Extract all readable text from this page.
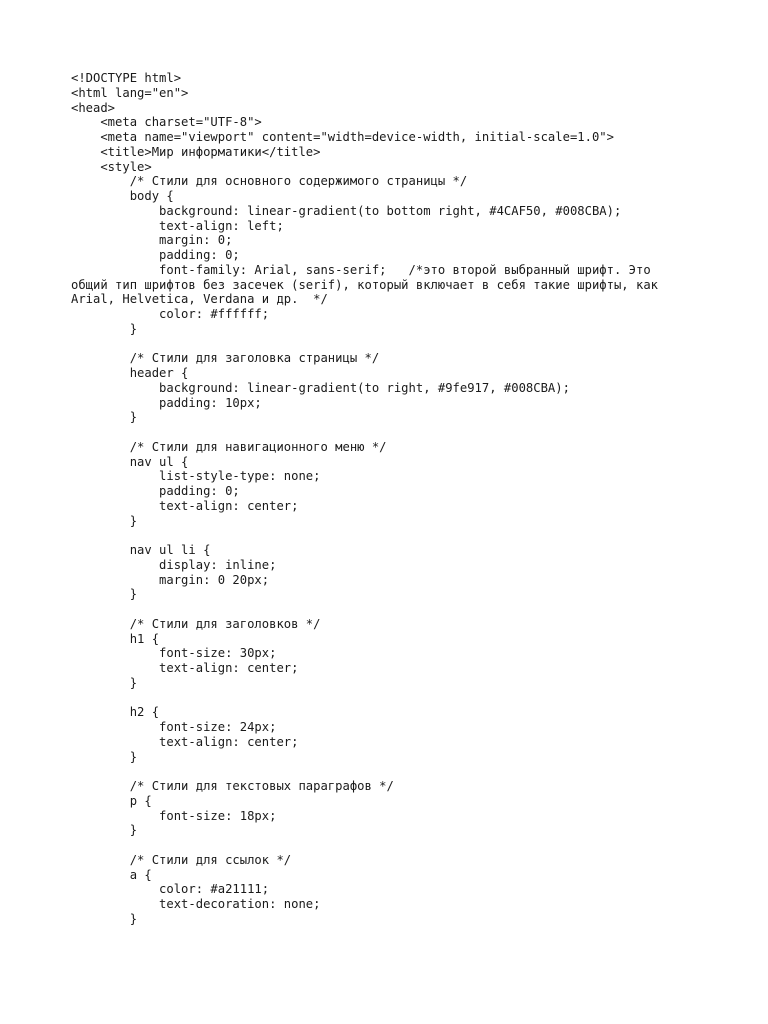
<!DOCTYPE html>
<html lang="en">
<head>
<meta charset="UTF-8">
<meta name="viewport" content="width=device-width, initial-scale=1.0">
<title>Мир информатики</title>
<style>
/* Стили для основного содержимого страницы */
body {
background: linear-gradient(to bottom right, #4CAF50, #008CBA);
text-align: left;
margin: 0;
padding: 0;
font-family: Arial, sans-serif;   /*это второй выбранный шрифт. Это
общий тип шрифтов без засечек (serif), который включает в себя такие шрифты, как
Arial, Helvetica, Verdana и др.  */
color: #ffffff;
}
/* Стили для заголовка страницы */
header {
background: linear-gradient(to right, #9fe917, #008CBA);
padding: 10px;
}
/* Стили для навигационного меню */
nav ul {
list-style-type: none;
padding: 0;
text-align: center;
}
nav ul li {
display: inline;
margin: 0 20px;
}
/* Стили для заголовков */
h1 {
font-size: 30px;
text-align: center;
}
h2 {
font-size: 24px;
text-align: center;
}
/* Стили для текстовых параграфов */
p {
font-size: 18px;
}
/* Стили для ссылок */
a {
color: #a21111;
text-decoration: none;
}
